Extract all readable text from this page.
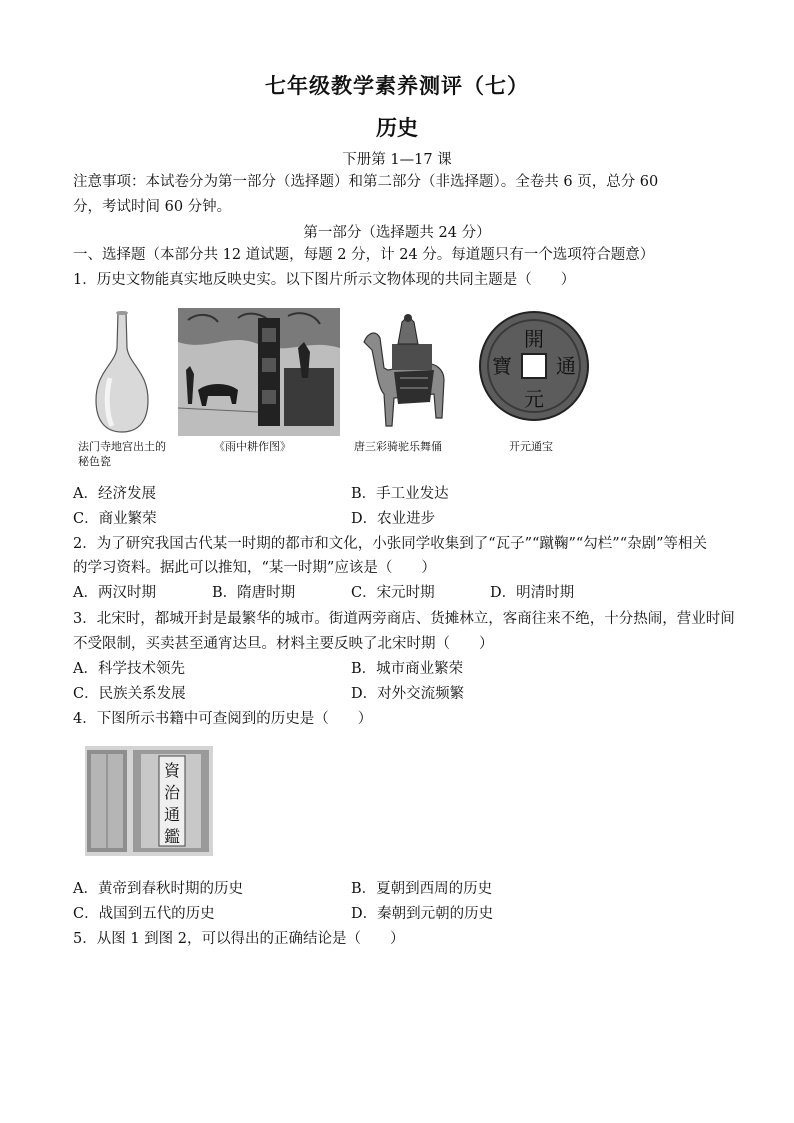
七年级教学素养测评（七）
历史
下册第 1—17 课
注意事项：本试卷分为第一部分（选择题）和第二部分（非选择题）。全卷共 6 页，总分 60
分，考试时间 60 分钟。
第一部分（选择题共 24 分）
一、选择题（本部分共 12 道试题，每题 2 分，计 24 分。每道题只有一个选项符合题意）
1．历史文物能真实地反映史实。以下图片所示文物体现的共同主题是（　　）
法门寺地宫出土的
秘色瓷
《雨中耕作图》	唐三彩骑驼乐舞俑
開
元
通
寶
开元通宝
A．经济发展	B．手工业发达
C．商业繁荣	D．农业进步
2．为了研究我国古代某一时期的都市和文化，小张同学收集到了“瓦子”“蹴鞠”“勾栏”“杂剧”等相关
的学习资料。据此可以推知，“某一时期”应该是（　　）
A．两汉时期	B．隋唐时期	C．宋元时期	D．明清时期
3．北宋时，都城开封是最繁华的城市。街道两旁商店、货摊林立，客商往来不绝，十分热闹，营业时间
不受限制，买卖甚至通宵达旦。材料主要反映了北宋时期（　　）
A．科学技术领先	B．城市商业繁荣
C．民族关系发展	D．对外交流频繁
4．下图所示书籍中可查阅到的历史是（　　）
資
治
通
鑑
A．黄帝到春秋时期的历史	B．夏朝到西周的历史
C．战国到五代的历史	D．秦朝到元朝的历史
5．从图 1 到图 2，可以得出的正确结论是（　　）
